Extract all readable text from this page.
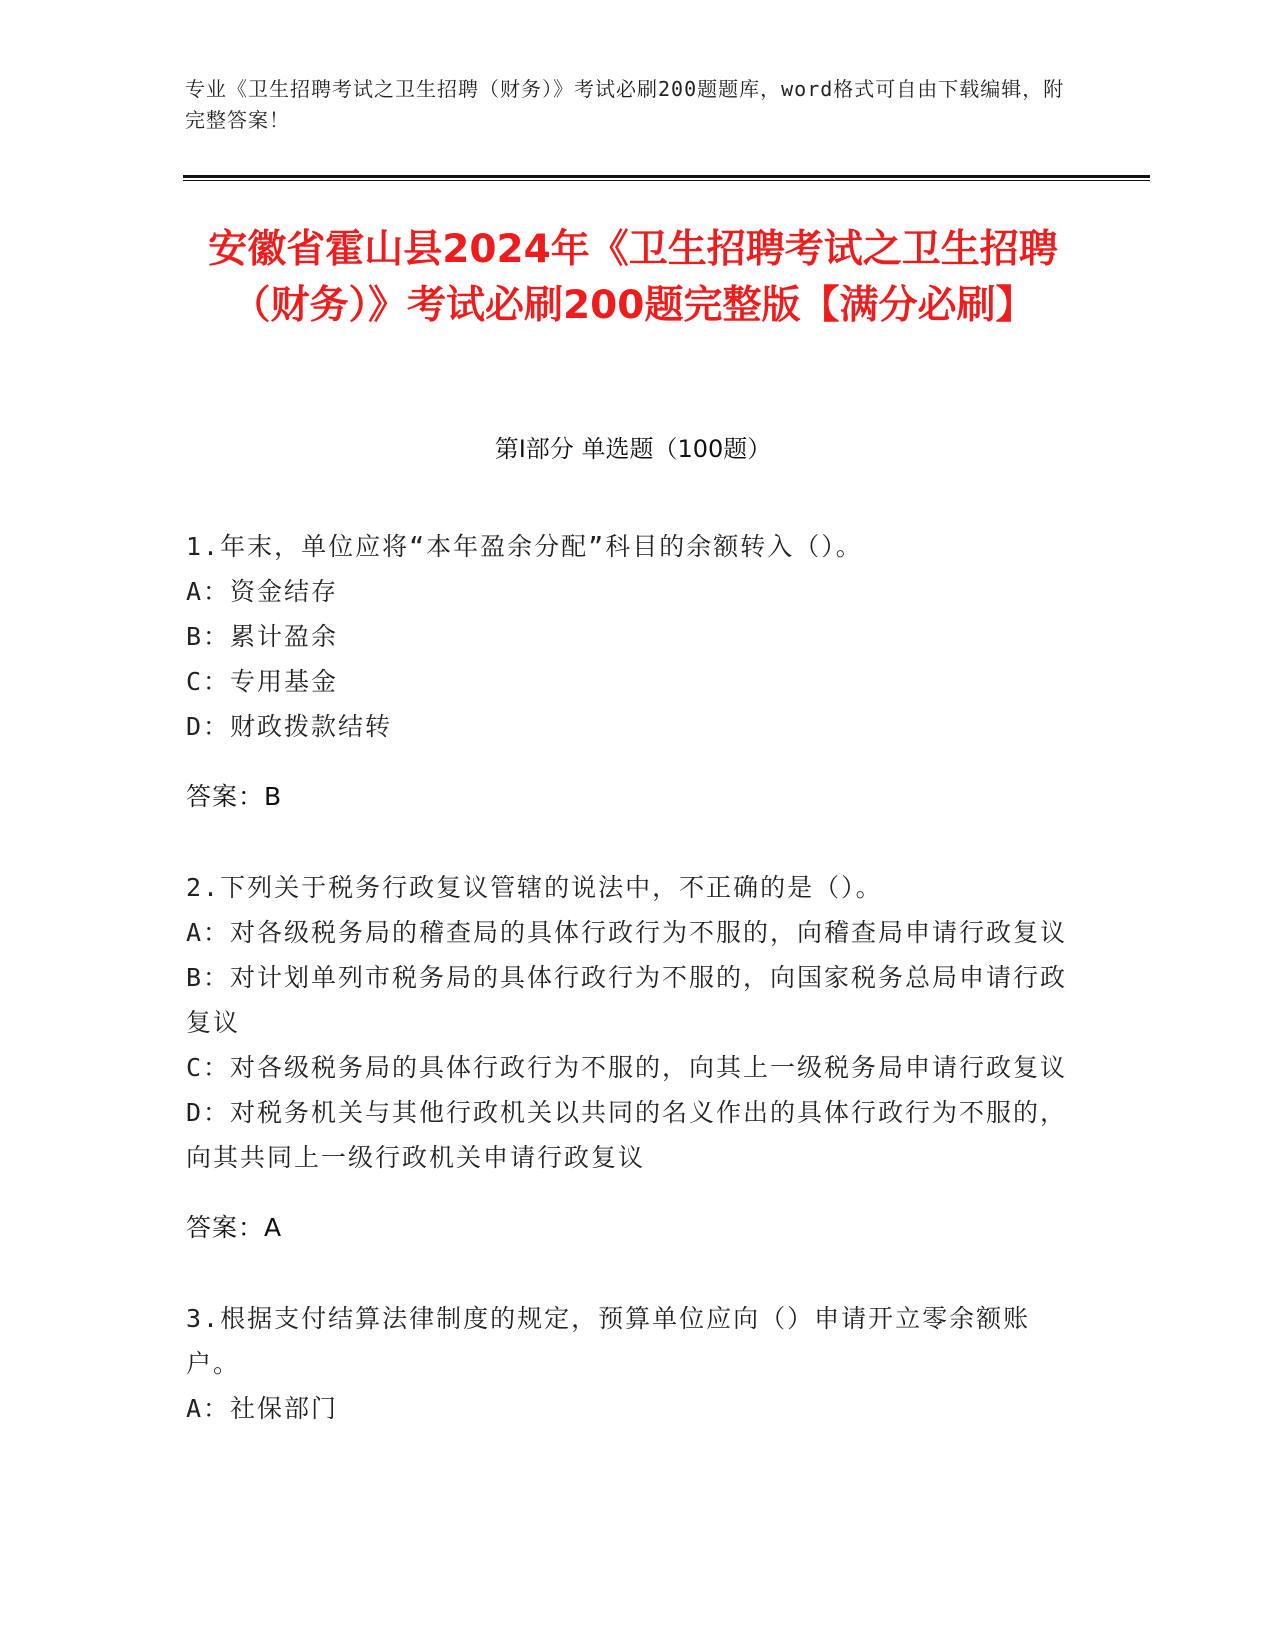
专业《卫生招聘考试之卫生招聘（财务）》考试必刷200题题库，word格式可自由下载编辑，附完整答案！
安徽省霍山县2024年《卫生招聘考试之卫生招聘（财务）》考试必刷200题完整版【满分必刷】
第I部分 单选题（100题）

1.年末，单位应将“本年盈余分配”科目的余额转入（）。

A：资金结存

B：累计盈余

C：专用基金

D：财政拨款结转

答案：B

2.下列关于税务行政复议管辖的说法中，不正确的是（）。

A：对各级税务局的稽查局的具体行政行为不服的，向稽查局申请行政复议

B：对计划单列市税务局的具体行政行为不服的，向国家税务总局申请行政复议

C：对各级税务局的具体行政行为不服的，向其上一级税务局申请行政复议

D：对税务机关与其他行政机关以共同的名义作出的具体行政行为不服的，向其共同上一级行政机关申请行政复议

答案：A

3.根据支付结算法律制度的规定，预算单位应向（）申请开立零余额账户。

A：社保部门
